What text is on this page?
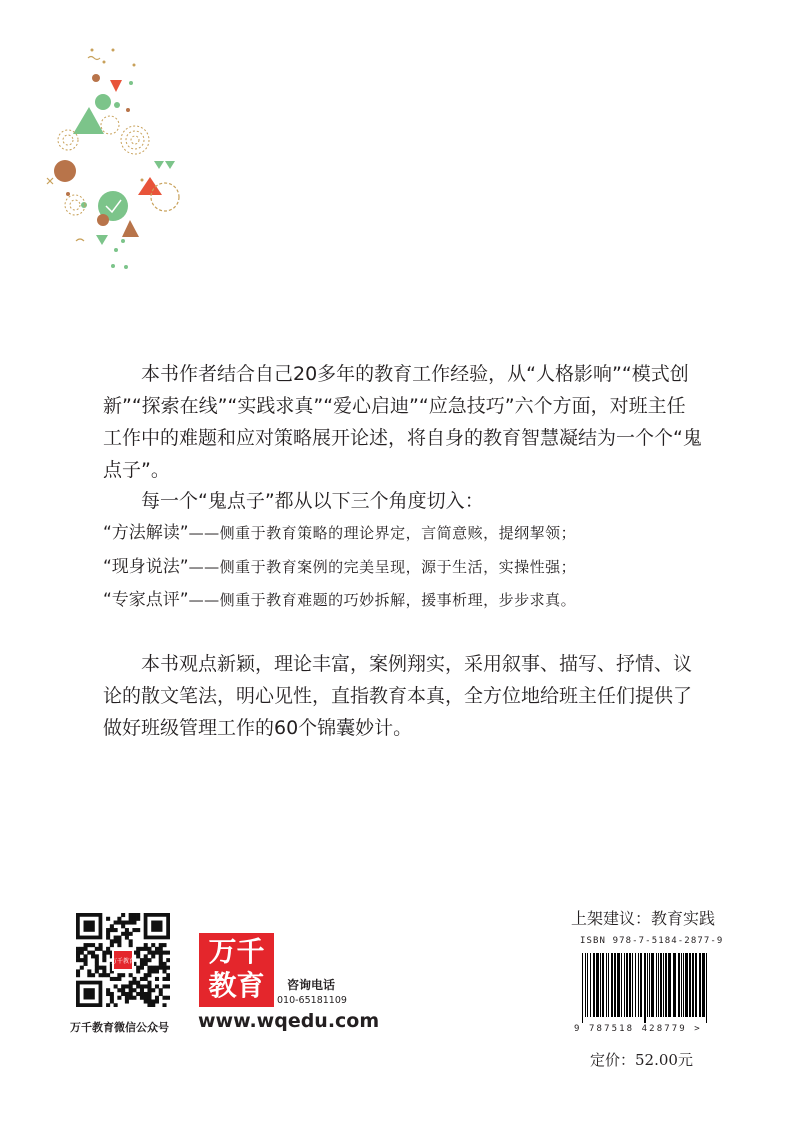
本书作者结合自己20多年的教育工作经验，从“人格影响”“模式创新”“探索在线”“实践求真”“爱心启迪”“应急技巧”六个方面，对班主任工作中的难题和应对策略展开论述，将自身的教育智慧凝结为一个个“鬼点子”。

每一个“鬼点子”都从以下三个角度切入：

“方法解读”——侧重于教育策略的理论界定，言简意赅，提纲挈领；
“现身说法”——侧重于教育案例的完美呈现，源于生活，实操性强；
“专家点评”——侧重于教育难题的巧妙拆解，援事析理，步步求真。

本书观点新颖，理论丰富，案例翔实，采用叙事、描写、抒情、议论的散文笔法，明心见性，直指教育本真，全方位地给班主任们提供了做好班级管理工作的60个锦囊妙计。

万千教育
万千教育微信公众号
万千
教育	咨询电话
010-65181109
www.wqedu.com
上架建议：教育实践
ISBN 978-7-5184-2877-9
9 787518 428779 >
定价：52.00元
